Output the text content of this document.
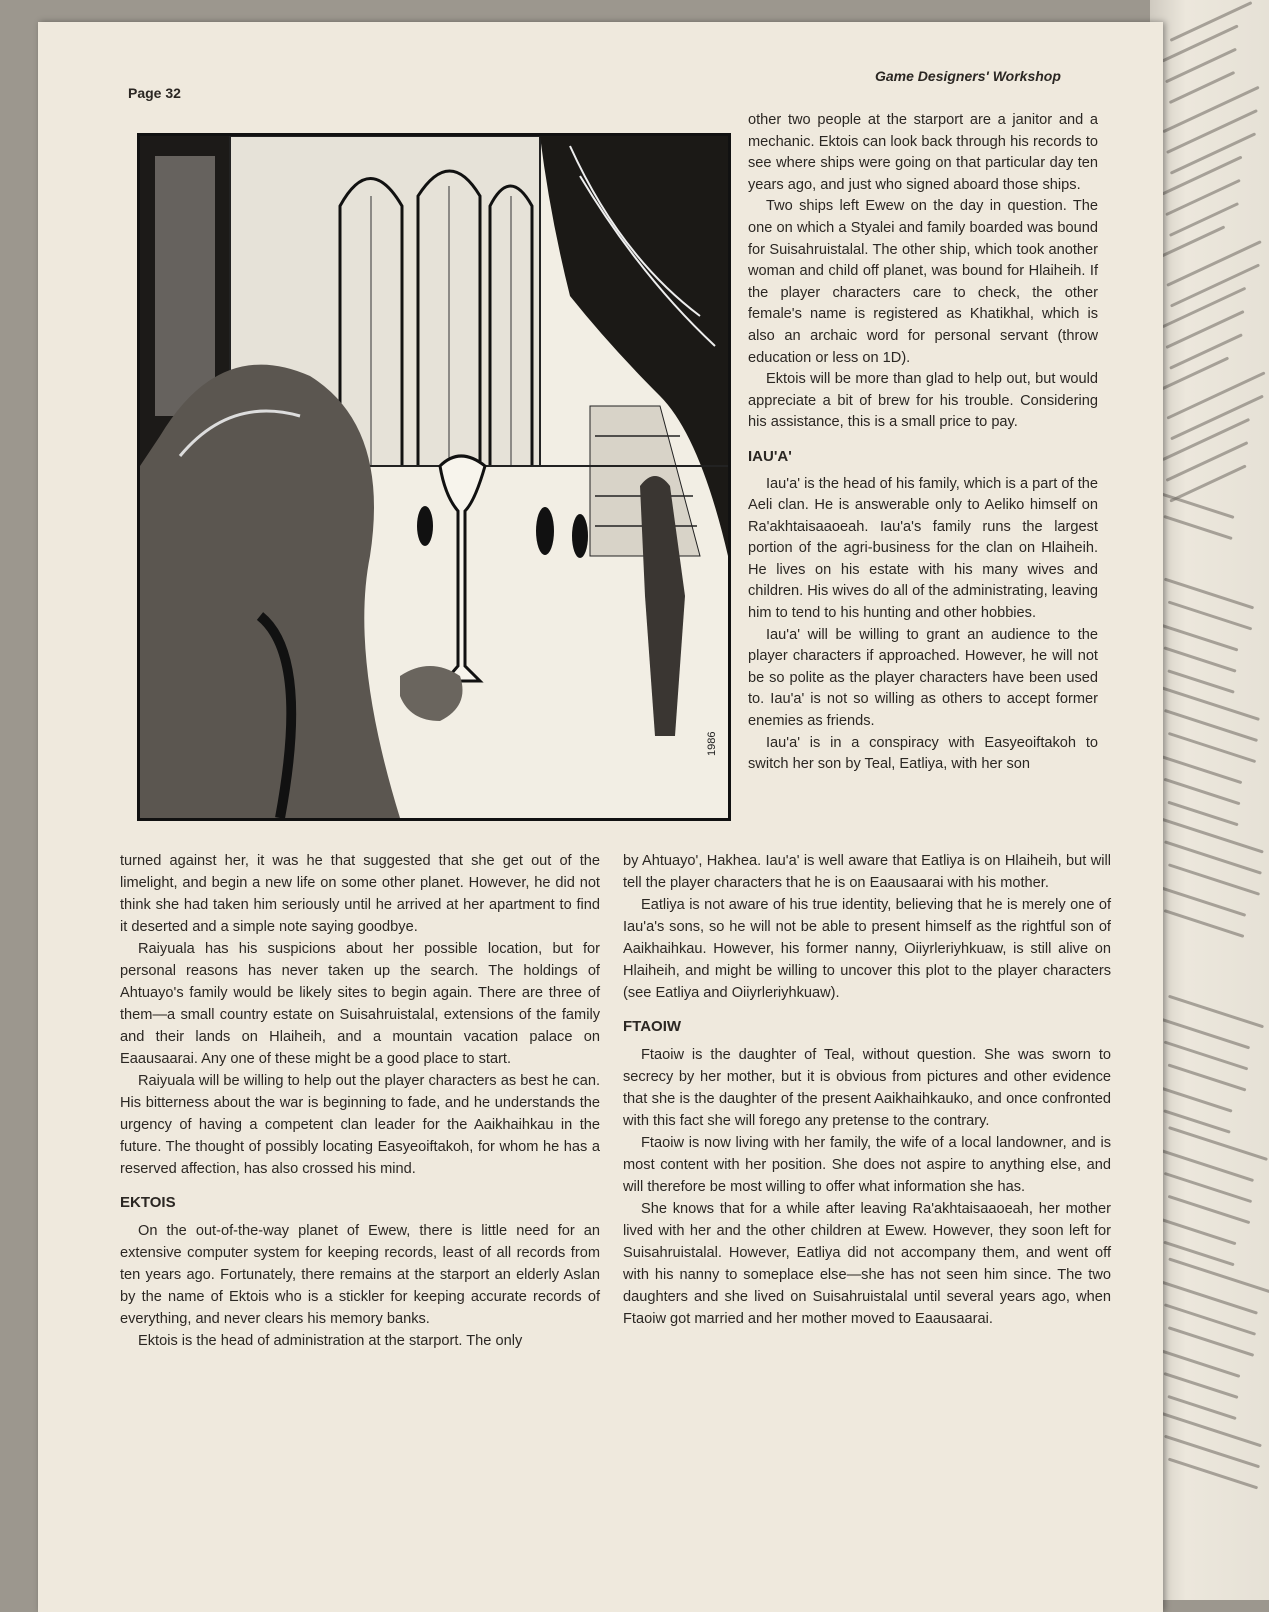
Page 32
Game Designers' Workshop
1986

other two people at the starport are a janitor and a mechanic. Ektois can look back through his records to see where ships were going on that particular day ten years ago, and just who signed aboard those ships.

Two ships left Ewew on the day in question. The one on which a Styalei and family boarded was bound for Suisahruistalal. The other ship, which took another woman and child off planet, was bound for Hlaiheih. If the player characters care to check, the other female's name is registered as Khatikhal, which is also an archaic word for personal servant (throw education or less on 1D).

Ektois will be more than glad to help out, but would appreciate a bit of brew for his trouble. Considering his assistance, this is a small price to pay.

IAU'A'

Iau'a' is the head of his family, which is a part of the Aeli clan. He is answerable only to Aeliko himself on Ra'akhtaisaaoeah. Iau'a's family runs the largest portion of the agri-business for the clan on Hlaiheih. He lives on his estate with his many wives and children. His wives do all of the administrating, leaving him to tend to his hunting and other hobbies.

Iau'a' will be willing to grant an audience to the player characters if approached. However, he will not be so polite as the player characters have been used to. Iau'a' is not so willing as others to accept former enemies as friends.

Iau'a' is in a conspiracy with Easyeoiftakoh to switch her son by Teal, Eatliya, with her son

turned against her, it was he that suggested that she get out of the limelight, and begin a new life on some other planet. However, he did not think she had taken him seriously until he arrived at her apartment to find it deserted and a simple note saying goodbye.

Raiyuala has his suspicions about her possible location, but for personal reasons has never taken up the search. The holdings of Ahtuayo's family would be likely sites to begin again. There are three of them—a small country estate on Suisahruistalal, extensions of the family and their lands on Hlaiheih, and a mountain vacation palace on Eaausaarai. Any one of these might be a good place to start.

Raiyuala will be willing to help out the player characters as best he can. His bitterness about the war is beginning to fade, and he understands the urgency of having a competent clan leader for the Aaikhaihkau in the future. The thought of possibly locating Easyeoiftakoh, for whom he has a reserved affection, has also crossed his mind.

EKTOIS

On the out-of-the-way planet of Ewew, there is little need for an extensive computer system for keeping records, least of all records from ten years ago. Fortunately, there remains at the starport an elderly Aslan by the name of Ektois who is a stickler for keeping accurate records of everything, and never clears his memory banks.

Ektois is the head of administration at the starport. The only

by Ahtuayo', Hakhea. Iau'a' is well aware that Eatliya is on Hlaiheih, but will tell the player characters that he is on Eaausaarai with his mother.

Eatliya is not aware of his true identity, believing that he is merely one of Iau'a's sons, so he will not be able to present himself as the rightful son of Aaikhaihkau. However, his former nanny, Oiiyrleriyhkuaw, is still alive on Hlaiheih, and might be willing to uncover this plot to the player characters (see Eatliya and Oiiyrleriyhkuaw).

FTAOIW

Ftaoiw is the daughter of Teal, without question. She was sworn to secrecy by her mother, but it is obvious from pictures and other evidence that she is the daughter of the present Aaikhaihkauko, and once confronted with this fact she will forego any pretense to the contrary.

Ftaoiw is now living with her family, the wife of a local landowner, and is most content with her position. She does not aspire to anything else, and will therefore be most willing to offer what information she has.

She knows that for a while after leaving Ra'akhtaisaaoeah, her mother lived with her and the other children at Ewew. However, they soon left for Suisahruistalal. However, Eatliya did not accompany them, and went off with his nanny to someplace else—she has not seen him since. The two daughters and she lived on Suisahruistalal until several years ago, when Ftaoiw got married and her mother moved to Eaausaarai.
